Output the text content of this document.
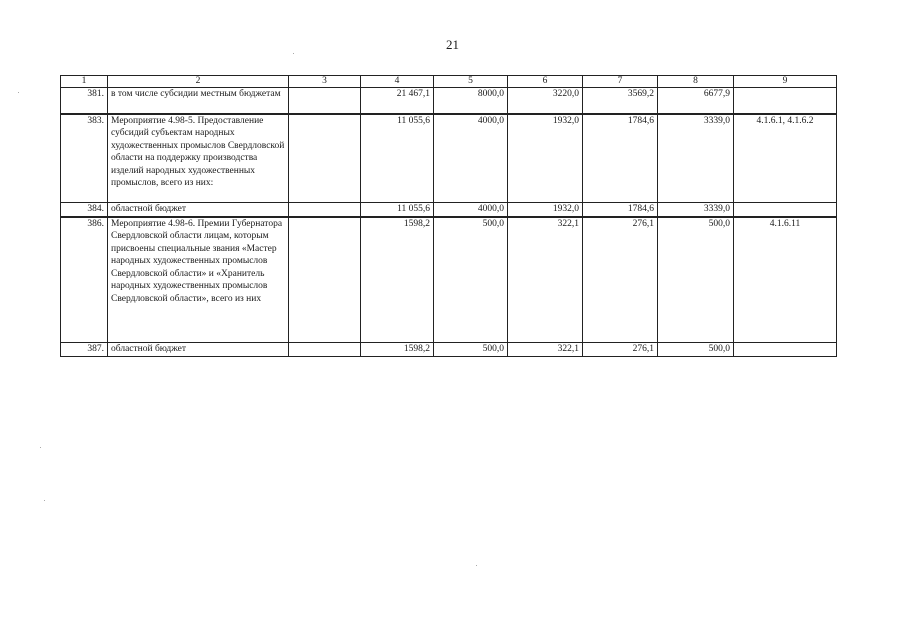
21
1	2	3	4	5	6	7	8	9
381.	в том числе субсидии местным бюджетам		21 467,1	8000,0	3220,0	3569,2	6677,9	
383.	Мероприятие 4.98-5. Предоставление субсидий субъектам народных художественных промыслов Свердловской области на поддержку производства изделий народных художественных промыслов, всего из них:		11 055,6	4000,0	1932,0	1784,6	3339,0	4.1.6.1, 4.1.6.2
384.	областной бюджет		11 055,6	4000,0	1932,0	1784,6	3339,0	
386.	Мероприятие 4.98-6. Премии Губернатора Свердловской области лицам, которым присвоены специальные звания «Мастер народных художественных промыслов Свердловской области» и «Хранитель народных художественных промыслов Свердловской области», всего из них		1598,2	500,0	322,1	276,1	500,0	4.1.6.11
387.	областной бюджет		1598,2	500,0	322,1	276,1	500,0	
